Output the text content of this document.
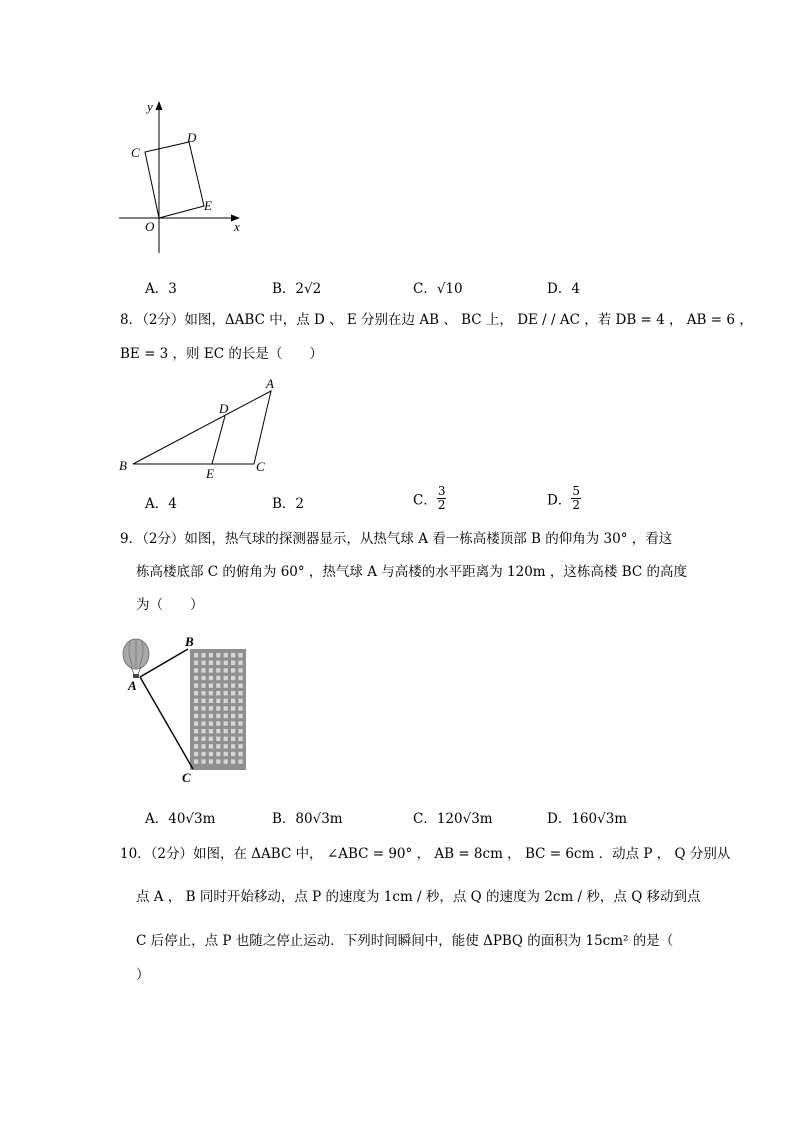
y
x
O
C
D
E
A．3	B．2√2	C．√10	D．4
8．（2分）如图，ΔABC 中，点 D 、 E 分别在边 AB 、 BC 上， DE / / AC ，若 DB = 4 ， AB = 6 ，
BE = 3 ，则 EC 的长是（　　）
A
B	C
D
E
A．4	B．2	C． $\frac{3}{2}$	D． $\frac{5}{2}$
9．（2分）如图，热气球的探测器显示，从热气球 A 看一栋高楼顶部 B 的仰角为 30° ，看这
栋高楼底部 C 的俯角为 60° ，热气球 A 与高楼的水平距离为 120m ，这栋高楼 BC 的高度
为（　　）
A
B
C
A．40√3m	B．80√3m	C．120√3m	D．160√3m
10．（2分）如图，在 ΔABC 中， ∠ABC = 90° ， AB = 8cm ， BC = 6cm ．动点 P ， Q 分别从
点 A ， B 同时开始移动，点 P 的速度为 1cm / 秒，点 Q 的速度为 2cm / 秒，点 Q 移动到点
C 后停止，点 P 也随之停止运动．下列时间瞬间中，能使 ΔPBQ 的面积为 15cm² 的是（
）
